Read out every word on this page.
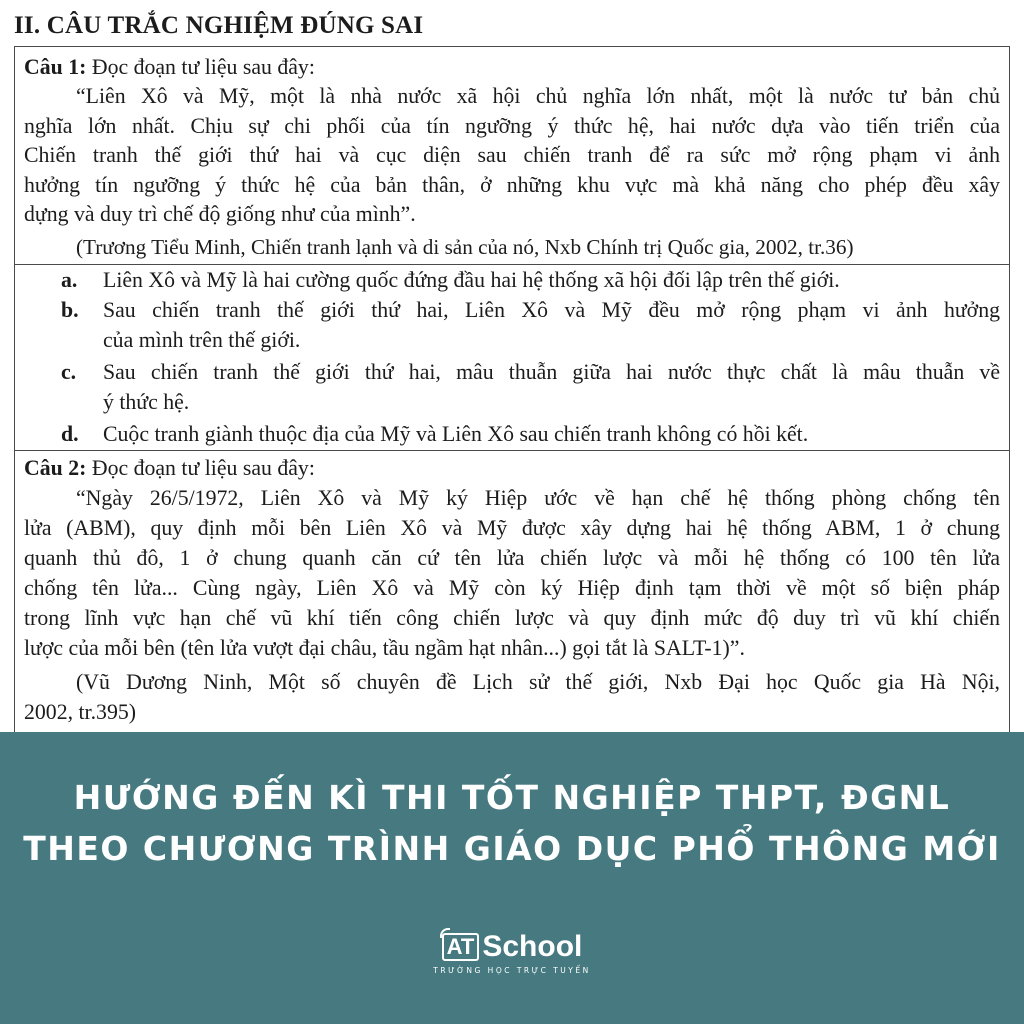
II. CÂU TRẮC NGHIỆM ĐÚNG SAI
Câu 1: Đọc đoạn tư liệu sau đây:
“Liên Xô và Mỹ, một là nhà nước xã hội chủ nghĩa lớn nhất, một là nước tư bản chủ
nghĩa lớn nhất. Chịu sự chi phối của tín ngưỡng ý thức hệ, hai nước dựa vào tiến triển của
Chiến tranh thế giới thứ hai và cục diện sau chiến tranh để ra sức mở rộng phạm vi ảnh
hưởng tín ngưỡng ý thức hệ của bản thân, ở những khu vực mà khả năng cho phép đều xây
dựng và duy trì chế độ giống như của mình”.
(Trương Tiểu Minh, Chiến tranh lạnh và di sản của nó, Nxb Chính trị Quốc gia, 2002, tr.36)
a. Liên Xô và Mỹ là hai cường quốc đứng đầu hai hệ thống xã hội đối lập trên thế giới.
b. Sau chiến tranh thế giới thứ hai, Liên Xô và Mỹ đều mở rộng phạm vi ảnh hưởng
của mình trên thế giới.
c. Sau chiến tranh thế giới thứ hai, mâu thuẫn giữa hai nước thực chất là mâu thuẫn về
ý thức hệ.
d. Cuộc tranh giành thuộc địa của Mỹ và Liên Xô sau chiến tranh không có hồi kết.
Câu 2: Đọc đoạn tư liệu sau đây:
“Ngày 26/5/1972, Liên Xô và Mỹ ký Hiệp ước về hạn chế hệ thống phòng chống tên
lửa (ABM), quy định mỗi bên Liên Xô và Mỹ được xây dựng hai hệ thống ABM, 1 ở chung
quanh thủ đô, 1 ở chung quanh căn cứ tên lửa chiến lược và mỗi hệ thống có 100 tên lửa
chống tên lửa... Cùng ngày, Liên Xô và Mỹ còn ký Hiệp định tạm thời về một số biện pháp
trong lĩnh vực hạn chế vũ khí tiến công chiến lược và quy định mức độ duy trì vũ khí chiến
lược của mỗi bên (tên lửa vượt đại châu, tầu ngầm hạt nhân...) gọi tắt là SALT-1)”.
(Vũ Dương Ninh, Một số chuyên đề Lịch sử thế giới, Nxb Đại học Quốc gia Hà Nội,
2002, tr.395)
HƯỚNG ĐẾN KÌ THI TỐT NGHIỆP THPT, ĐGNL
THEO CHƯƠNG TRÌNH GIÁO DỤC PHỔ THÔNG MỚI
AT School
TRƯỜNG HỌC TRỰC TUYẾN
